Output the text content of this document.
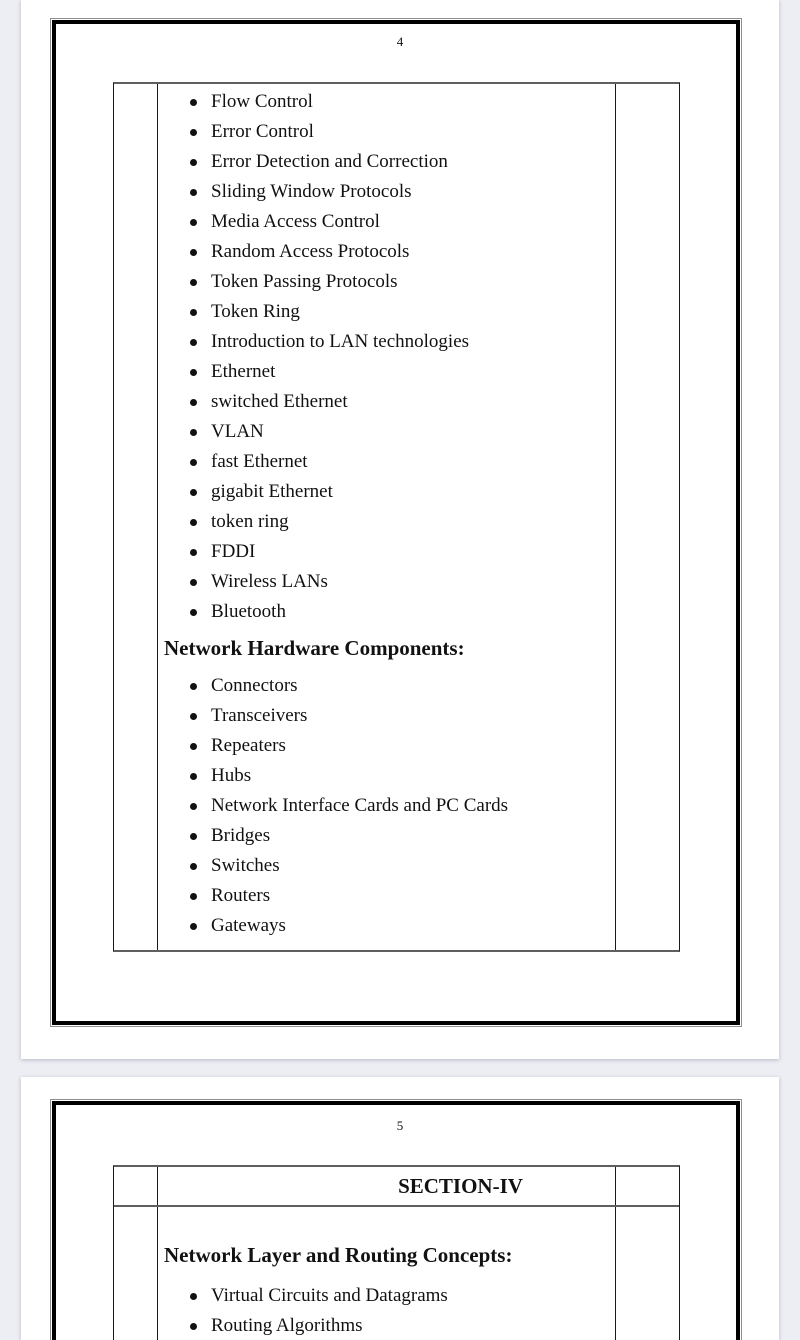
4
Flow Control
Error Control
Error Detection and Correction
Sliding Window Protocols
Media Access Control
Random Access Protocols
Token Passing Protocols
Token Ring
Introduction to LAN technologies
Ethernet
switched Ethernet
VLAN
fast Ethernet
gigabit Ethernet
token ring
FDDI
Wireless LANs
Bluetooth
Network Hardware Components:
Connectors
Transceivers
Repeaters
Hubs
Network Interface Cards and PC Cards
Bridges
Switches
Routers
Gateways
5
SECTION-IV
Network Layer and Routing Concepts:
Virtual Circuits and Datagrams
Routing Algorithms
